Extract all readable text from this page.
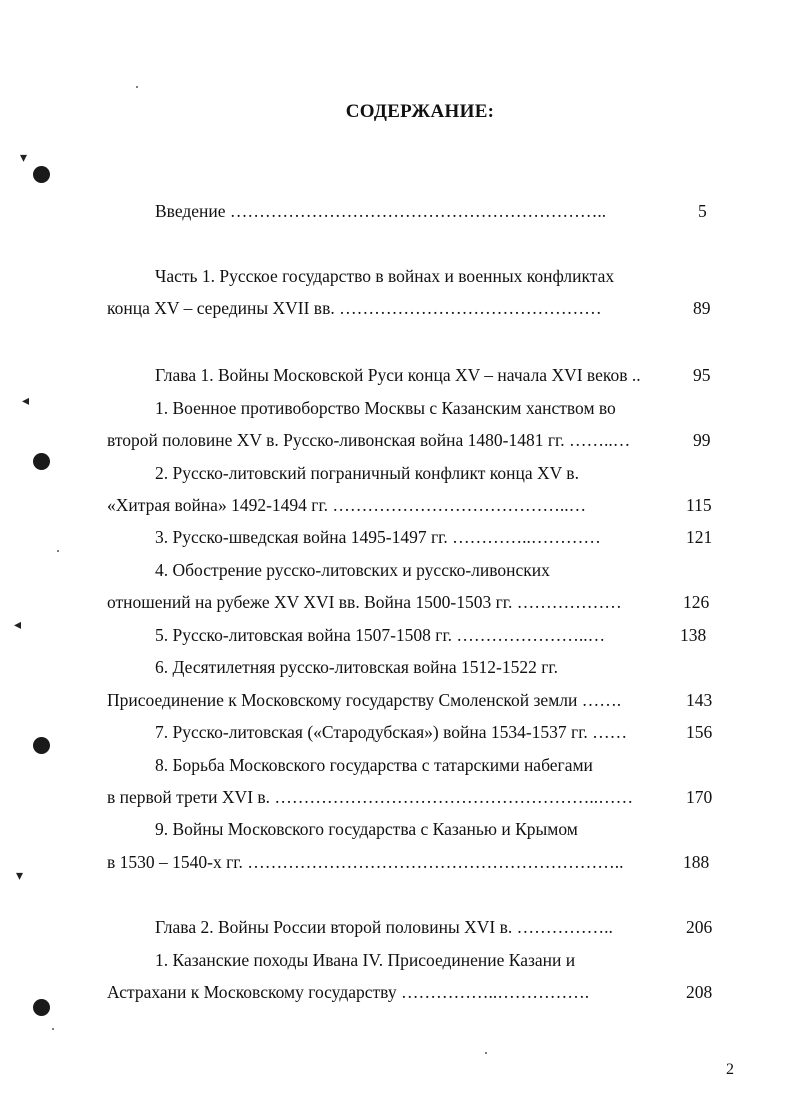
СОДЕРЖАНИЕ:
Введение ………………………………………………………..	5
Часть 1. Русское государство в войнах и военных конфликтах
конца XV – середины XVII вв. ………………………………………	89
Глава 1. Войны Московской Руси конца XV – начала XVI веков ..	95
1. Военное противоборство Москвы с Казанским ханством во
второй половине XV в. Русско-ливонская война 1480-1481 гг. ……..…	99
2. Русско-литовский пограничный конфликт конца XV в.
«Хитрая война» 1492-1494 гг. …………………………………..…	115
3. Русско-шведская война 1495-1497 гг. …………..…………	121
4. Обострение русско-литовских и русско-ливонских
отношений на рубеже XV XVI вв. Война 1500-1503 гг. ………………	126
5. Русско-литовская война 1507-1508 гг. …………………..…	138
6. Десятилетняя русско-литовская война 1512-1522 гг.
Присоединение к Московскому государству Смоленской земли …….	143
7. Русско-литовская («Стародубская») война 1534-1537 гг. ……	156
8. Борьба Московского государства с татарскими набегами
в первой трети XVI в. ………………………………………………..……	170
9. Войны Московского государства с Казанью и Крымом
в 1530 – 1540-х гг. ………………………………………………………..	188
Глава 2. Войны России второй половины XVI в. ……………..	206
1. Казанские походы Ивана IV. Присоединение Казани и
Астрахани к Московскому государству ……………..…………….	208
2
▾
◂
◂
▾
